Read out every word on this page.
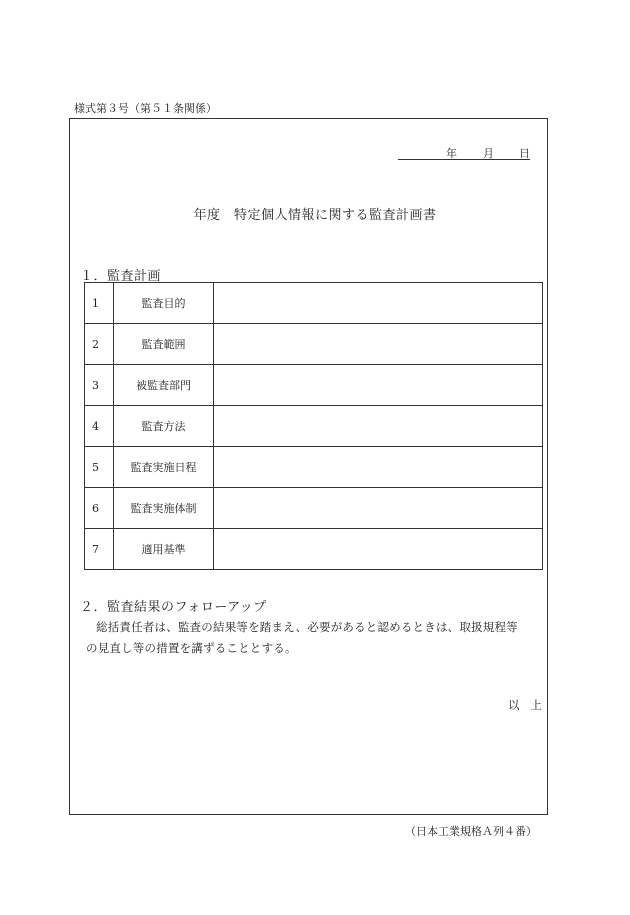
様式第３号（第５１条関係）
年 月 日
年度　特定個人情報に関する監査計画書
１．監査計画
1	監査目的	
2	監査範囲	
3	被監査部門	
4	監査方法	
5	監査実施日程	
6	監査実施体制	
7	適用基準	
２．監査結果のフォローアップ

総括責任者は、監査の結果等を踏まえ、必要があると認めるときは、取扱規程等

の見直し等の措置を講ずることとする。

以上
（日本工業規格Ａ列４番）
